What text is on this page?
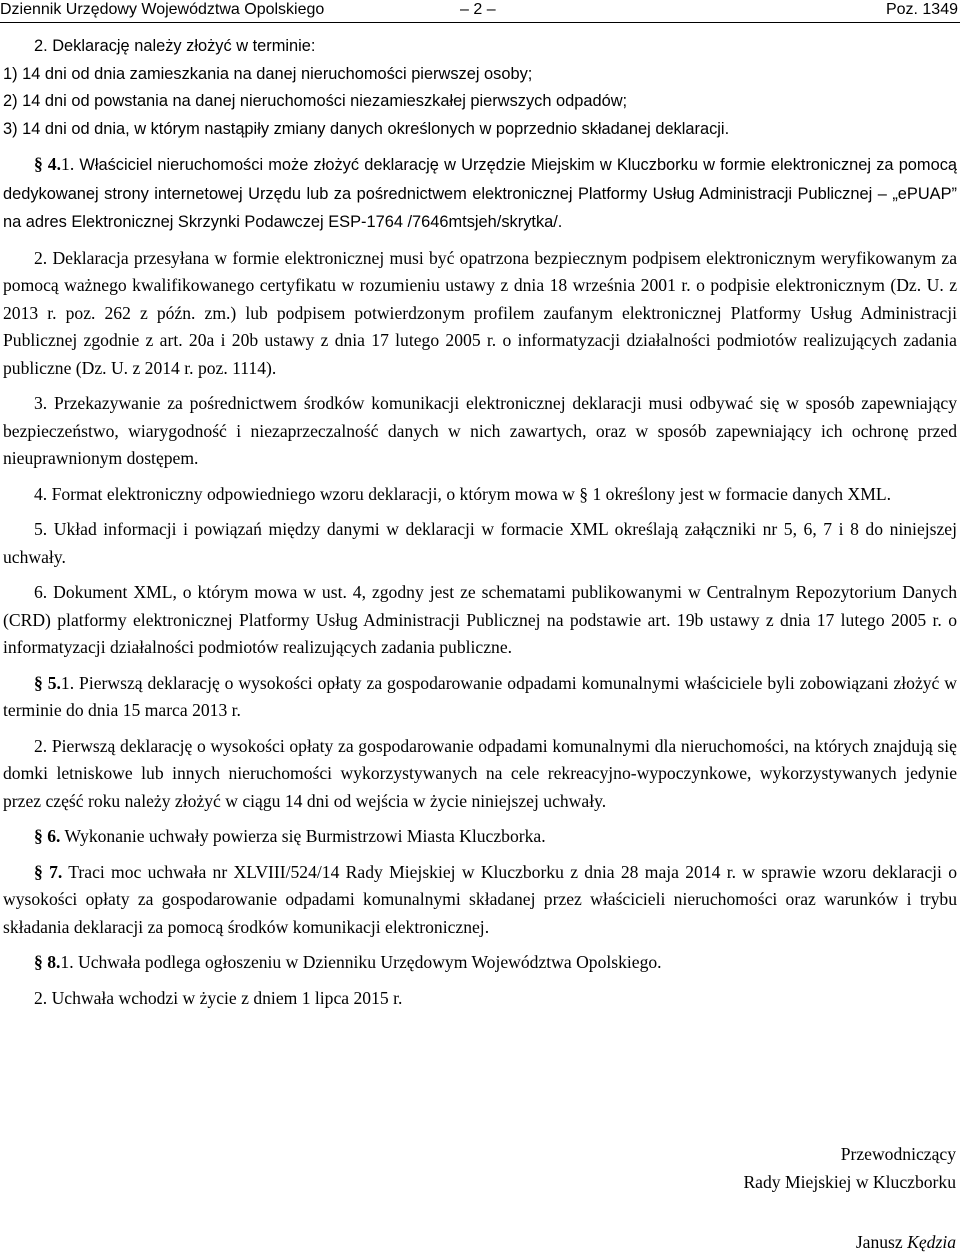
Dziennik Urzędowy Województwa Opolskiego	– 2 –	Poz. 1349

2. Deklarację należy złożyć w terminie:

1) 14 dni od dnia zamieszkania na danej nieruchomości pierwszej osoby;

2) 14 dni od powstania na danej nieruchomości niezamieszkałej pierwszych odpadów;

3) 14 dni od dnia, w którym nastąpiły zmiany danych określonych w poprzednio składanej deklaracji.

§ 4.1. Właściciel nieruchomości może złożyć deklarację w Urzędzie Miejskim w Kluczborku w formie elektronicznej za pomocą dedykowanej strony internetowej Urzędu lub za pośrednictwem elektronicznej Platformy Usług Administracji Publicznej – „ePUAP” na adres Elektronicznej Skrzynki Podawczej ESP-1764 /7646mtsjeh/skrytka/.

2. Deklaracja przesyłana w formie elektronicznej musi być opatrzona bezpiecznym podpisem elektronicznym weryfikowanym za pomocą ważnego kwalifikowanego certyfikatu w rozumieniu ustawy z dnia 18 września 2001 r. o podpisie elektronicznym (Dz. U. z 2013 r. poz. 262 z późn. zm.) lub podpisem potwierdzonym profilem zaufanym elektronicznej Platformy Usług Administracji Publicznej zgodnie z art. 20a i 20b ustawy z dnia 17 lutego 2005 r. o informatyzacji działalności podmiotów realizujących zadania publiczne (Dz. U. z 2014 r. poz. 1114).

3. Przekazywanie za pośrednictwem środków komunikacji elektronicznej deklaracji musi odbywać się w sposób zapewniający bezpieczeństwo, wiarygodność i niezaprzeczalność danych w nich zawartych, oraz w sposób zapewniający ich ochronę przed nieuprawnionym dostępem.

4. Format elektroniczny odpowiedniego wzoru deklaracji, o którym mowa w § 1 określony jest w formacie danych XML.

5. Układ informacji i powiązań między danymi w deklaracji w formacie XML określają załączniki nr 5, 6, 7 i 8 do niniejszej uchwały.

6. Dokument XML, o którym mowa w ust. 4, zgodny jest ze schematami publikowanymi w Centralnym Repozytorium Danych (CRD) platformy elektronicznej Platformy Usług Administracji Publicznej na podstawie art. 19b ustawy z dnia 17 lutego 2005 r. o informatyzacji działalności podmiotów realizujących zadania publiczne.

§ 5.1. Pierwszą deklarację o wysokości opłaty za gospodarowanie odpadami komunalnymi właściciele byli zobowiązani złożyć w terminie do dnia 15 marca 2013 r.

2. Pierwszą deklarację o wysokości opłaty za gospodarowanie odpadami komunalnymi dla nieruchomości, na których znajdują się domki letniskowe lub innych nieruchomości wykorzystywanych na cele rekreacyjno-wypoczynkowe, wykorzystywanych jedynie przez część roku należy złożyć w ciągu 14 dni od wejścia w życie niniejszej uchwały.

§ 6. Wykonanie uchwały powierza się Burmistrzowi Miasta Kluczborka.

§ 7. Traci moc uchwała nr XLVIII/524/14 Rady Miejskiej w Kluczborku z dnia 28 maja 2014 r. w sprawie wzoru deklaracji o wysokości opłaty za gospodarowanie odpadami komunalnymi składanej przez właścicieli nieruchomości oraz warunków i trybu składania deklaracji za pomocą środków komunikacji elektronicznej.

§ 8.1. Uchwała podlega ogłoszeniu w Dzienniku Urzędowym Województwa Opolskiego.

2. Uchwała wchodzi w życie z dniem 1 lipca 2015 r.

Przewodniczący
Rady Miejskiej w Kluczborku
Janusz Kędzia
